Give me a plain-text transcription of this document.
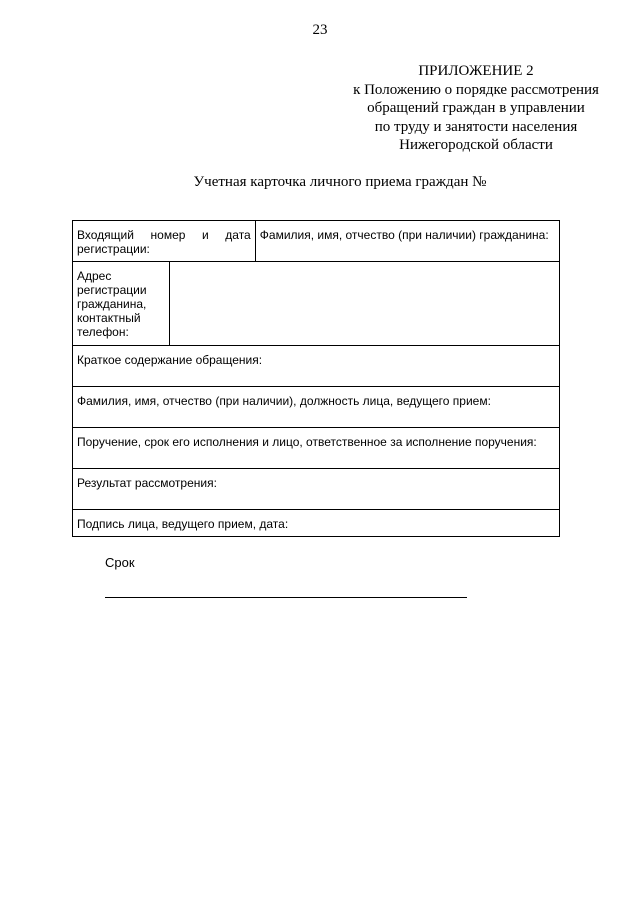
23
ПРИЛОЖЕНИЕ 2
к Положению о порядке рассмотрения
обращений граждан в управлении
по труду и занятости населения
Нижегородской области
Учетная карточка личного приема граждан №
Входящий номер и дата
регистрации:		Фамилия, имя, отчество (при наличии) гражданина:

Адрес
регистрации
гражданина,
контактный
телефон:		

Краткое содержание обращения:		
Фамилия, имя, отчество (при наличии), должность лица, ведущего прием:		
Поручение, срок его исполнения и лицо, ответственное за исполнение поручения:		
Результат рассмотрения:		
Подпись лица, ведущего прием, дата:		
Срок
